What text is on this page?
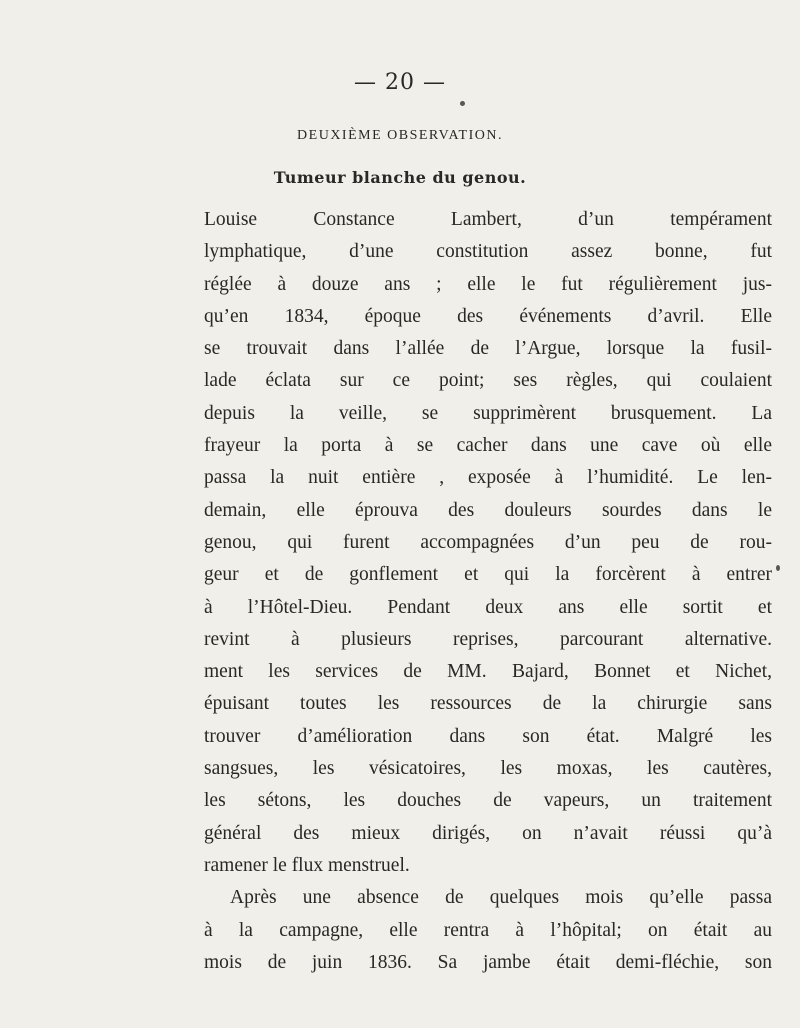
— 20 —
DEUXIÈME OBSERVATION.
Tumeur blanche du genou.
Louise Constance Lambert, d’un tempérament
lymphatique, d’une constitution assez bonne, fut
réglée à douze ans ; elle le fut régulièrement jus-
qu’en 1834, époque des événements d’avril. Elle
se trouvait dans l’allée de l’Argue, lorsque la fusil-
lade éclata sur ce point; ses règles, qui coulaient
depuis la veille, se supprimèrent brusquement. La
frayeur la porta à se cacher dans une cave où elle
passa la nuit entière , exposée à l’humidité. Le len-
demain, elle éprouva des douleurs sourdes dans le
genou, qui furent accompagnées d’un peu de rou-
geur et de gonflement et qui la forcèrent à entrer
à l’Hôtel-Dieu. Pendant deux ans elle sortit et
revint à plusieurs reprises, parcourant alternative.
ment les services de MM. Bajard, Bonnet et Nichet,
épuisant toutes les ressources de la chirurgie sans
trouver d’amélioration dans son état. Malgré les
sangsues, les vésicatoires, les moxas, les cautères,
les sétons, les douches de vapeurs, un traitement
général des mieux dirigés, on n’avait réussi qu’à
ramener le flux menstruel.
Après une absence de quelques mois qu’elle passa
à la campagne, elle rentra à l’hôpital; on était au
mois de juin 1836. Sa jambe était demi-fléchie, son
